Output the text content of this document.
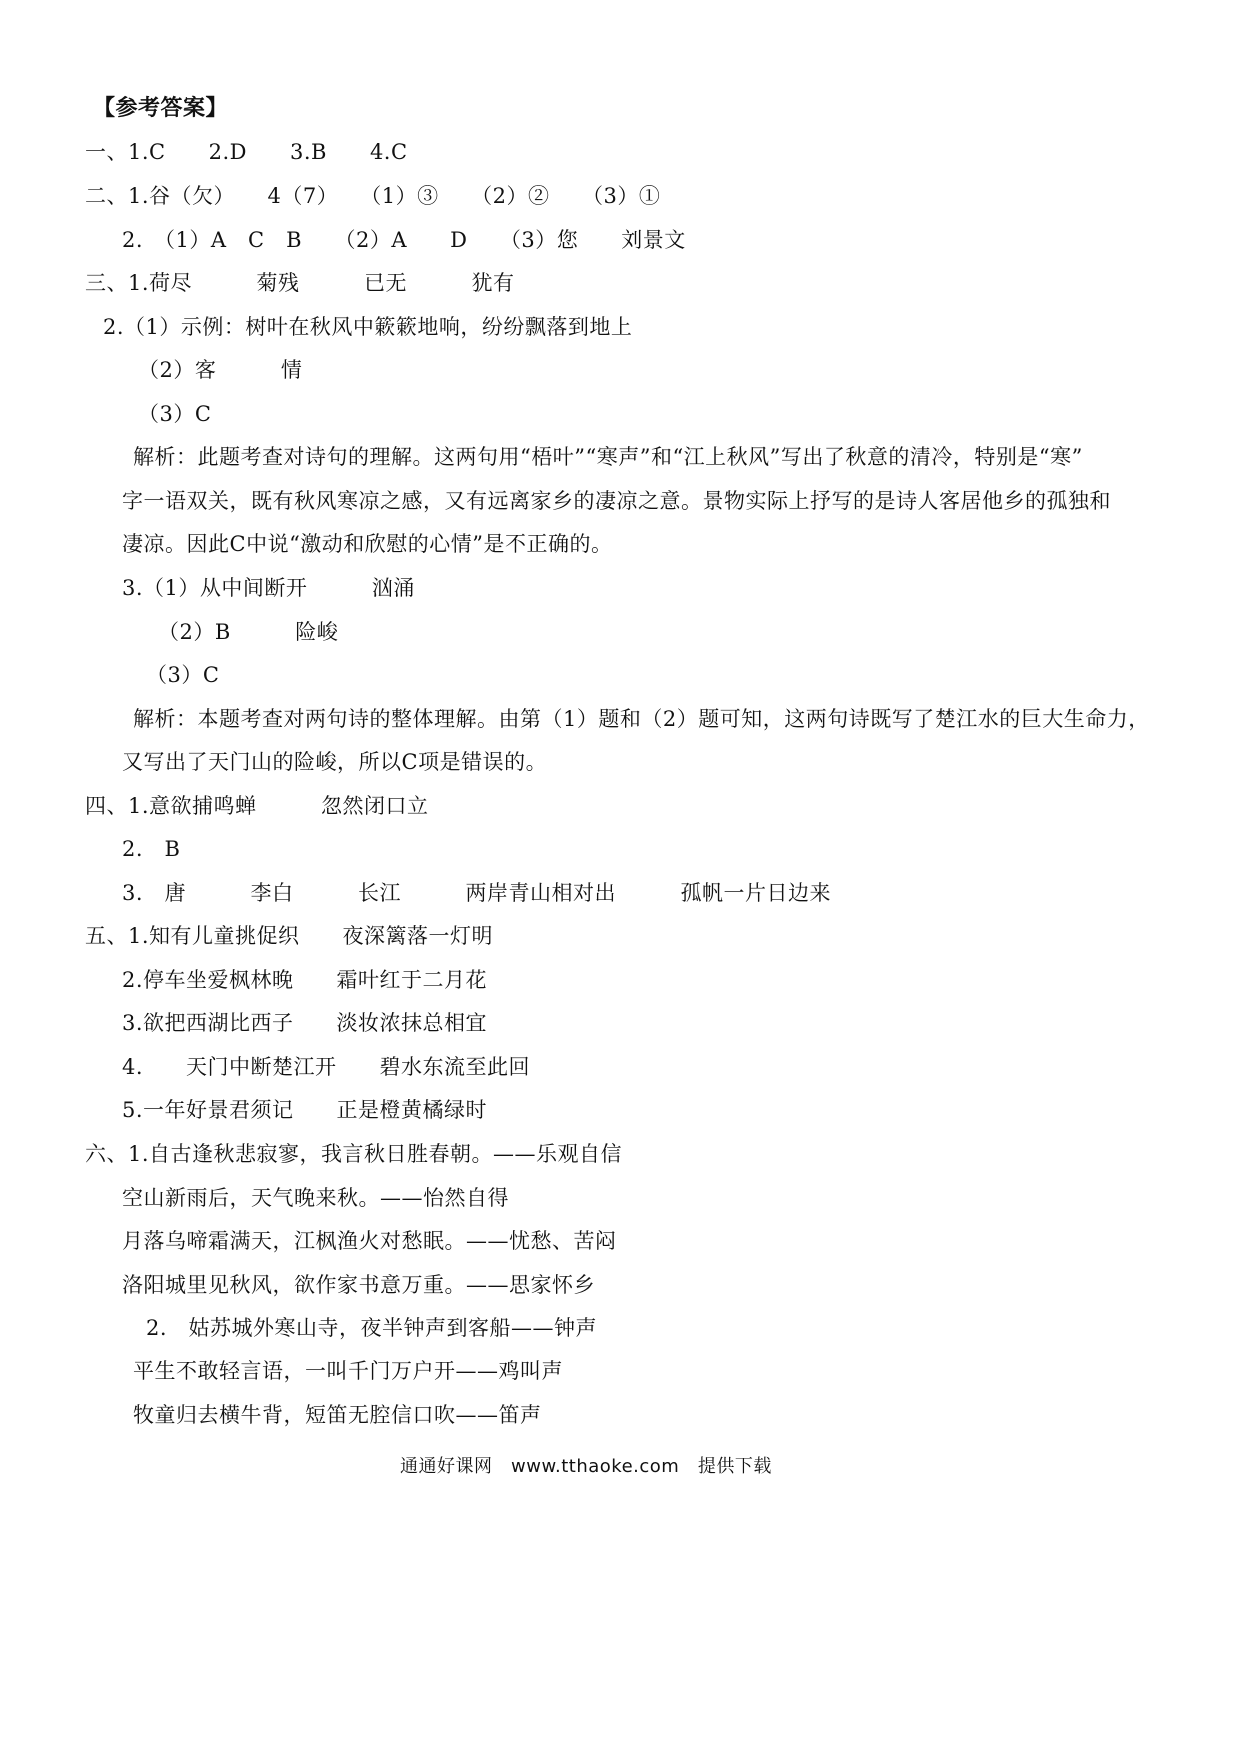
【参考答案】
一、1.C　　2.D　　3.B　　4.C
二、1.谷（欠）　　4（7）　　（1）③　　（2）②　　（3）①
2.　（1）A　C　B　　（2）A　　D　　（3）您　　刘景文
三、1.荷尽　　　菊残　　　已无　　　犹有
2.（1）示例：树叶在秋风中簌簌地响，纷纷飘落到地上
（2）客　　　情
（3）C
解析：此题考查对诗句的理解。这两句用“梧叶”“寒声”和“江上秋风”写出了秋意的清冷，特别是“寒”
字一语双关，既有秋风寒凉之感，又有远离家乡的凄凉之意。景物实际上抒写的是诗人客居他乡的孤独和
凄凉。因此C中说“激动和欣慰的心情”是不正确的。
3.（1）从中间断开　　　汹涌
（2）B　　　险峻
（3）C
解析：本题考查对两句诗的整体理解。由第（1）题和（2）题可知，这两句诗既写了楚江水的巨大生命力，
又写出了天门山的险峻，所以C项是错误的。
四、1.意欲捕鸣蝉　　　忽然闭口立
2.　B
3.　唐　　　李白　　　长江　　　两岸青山相对出　　　孤帆一片日边来
五、1.知有儿童挑促织　　夜深篱落一灯明
2.停车坐爱枫林晚　　霜叶红于二月花
3.欲把西湖比西子　　淡妆浓抹总相宜
4.　　天门中断楚江开　　碧水东流至此回
5.一年好景君须记　　正是橙黄橘绿时
六、1.自古逢秋悲寂寥，我言秋日胜春朝。——乐观自信
空山新雨后，天气晚来秋。——怡然自得
月落乌啼霜满天，江枫渔火对愁眠。——忧愁、苦闷
洛阳城里见秋风，欲作家书意万重。——思家怀乡
2.　姑苏城外寒山寺，夜半钟声到客船——钟声
平生不敢轻言语，一叫千门万户开——鸡叫声
牧童归去横牛背，短笛无腔信口吹——笛声
通通好课网　www.tthaoke.com　提供下载
